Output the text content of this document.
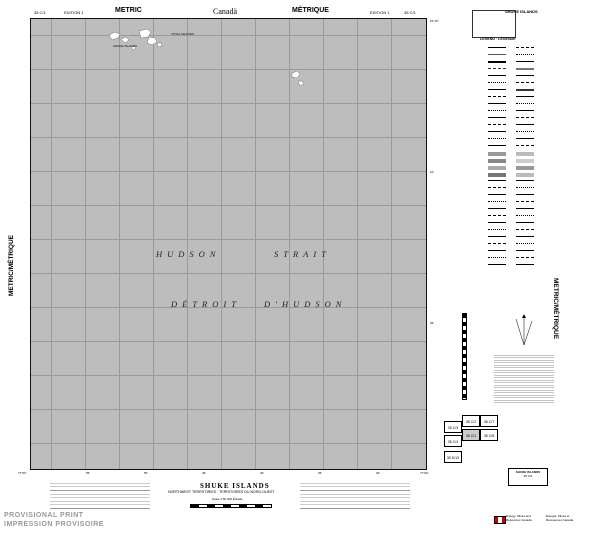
35 C/1	EDITION 1	METRIC	Canadä	MÉTRIQUE	EDITION 1	35 C/1	SHUKE ISLANDS
METRIC/MÉTRIQUE
TOTAL ISLANDS
SHUKE ISLANDS
HUDSON	STRAIT
DÉTROIT	D'HUDSON
61°15'
10'
05'
77°00'	77°00'
55'	50'	45'	40'	35'	30'
LEGEND · LÉGENDE
METRIC/MÉTRIQUE
35 C/3
35 C/2	35 C/7
35 C/4
35 C/1	35 C/8
35 D/13
SHUKE ISLANDS
35 C/1
Energy, Mines and Resources Canada
Énergie, Mines et Ressources Canada
SHUKE ISLANDS
NORTHWEST TERRITORIES · TERRITOIRES DU NORD-OUEST
Scale 1:50 000 Échelle
PROVISIONAL PRINT
IMPRESSION PROVISOIRE
